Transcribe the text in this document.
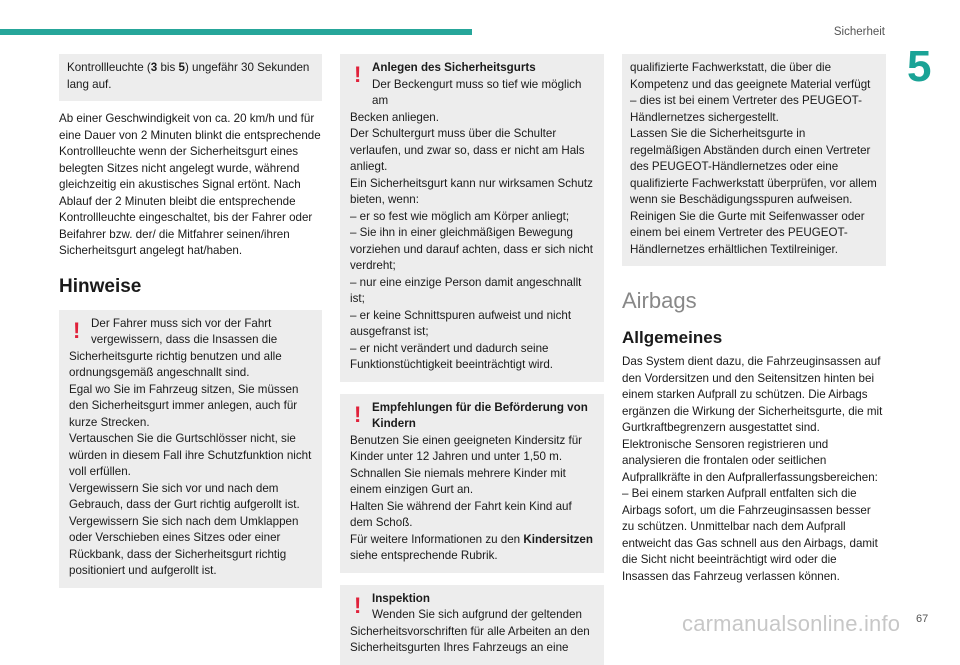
Sicherheit
5

Kontrollleuchte (3 bis 5) ungefähr 30 Sekunden lang auf.

Ab einer Geschwindigkeit von ca. 20 km/h und für eine Dauer von 2 Minuten blinkt die entsprechende Kontrollleuchte wenn der Sicherheitsgurt eines belegten Sitzes nicht angelegt wurde, während gleichzeitig ein akustisches Signal ertönt. Nach Ablauf der 2 Minuten bleibt die entsprechende Kontrollleuchte eingeschaltet, bis der Fahrer oder Beifahrer bzw. der/ die Mitfahrer seinen/ihren Sicherheitsgurt angelegt hat/haben.

Hinweise
! Der Fahrer muss sich vor der Fahrt vergewissern, dass die Insassen die

Sicherheitsgurte richtig benutzen und alle ordnungsgemäß angeschnallt sind.

Egal wo Sie im Fahrzeug sitzen, Sie müssen den Sicherheitsgurt immer anlegen, auch für kurze Strecken.

Vertauschen Sie die Gurtschlösser nicht, sie würden in diesem Fall ihre Schutzfunktion nicht voll erfüllen.

Vergewissern Sie sich vor und nach dem Gebrauch, dass der Gurt richtig aufgerollt ist.

Vergewissern Sie sich nach dem Umklappen oder Verschieben eines Sitzes oder einer Rückbank, dass der Sicherheitsgurt richtig positioniert und aufgerollt ist.

! Anlegen des Sicherheitsgurts
Der Beckengurt muss so tief wie möglich am

Becken anliegen.

Der Schultergurt muss über die Schulter verlaufen, und zwar so, dass er nicht am Hals anliegt.

Ein Sicherheitsgurt kann nur wirksamen Schutz bieten, wenn:

– er so fest wie möglich am Körper anliegt;

– Sie ihn in einer gleichmäßigen Bewegung vorziehen und darauf achten, dass er sich nicht verdreht;

– nur eine einzige Person damit angeschnallt ist;

– er keine Schnittspuren aufweist und nicht ausgefranst ist;

– er nicht verändert und dadurch seine Funktionstüchtigkeit beeinträchtigt wird.

! Empfehlungen für die Beförderung von Kindern

Benutzen Sie einen geeigneten Kindersitz für Kinder unter 12 Jahren und unter 1,50 m.

Schnallen Sie niemals mehrere Kinder mit einem einzigen Gurt an.

Halten Sie während der Fahrt kein Kind auf dem Schoß.

Für weitere Informationen zu den Kindersitzen siehe entsprechende Rubrik.

! Inspektion
Wenden Sie sich aufgrund der geltenden

Sicherheitsvorschriften für alle Arbeiten an den Sicherheitsgurten Ihres Fahrzeugs an eine

qualifizierte Fachwerkstatt, die über die Kompetenz und das geeignete Material verfügt – dies ist bei einem Vertreter des PEUGEOT-Händlernetzes sichergestellt.

Lassen Sie die Sicherheitsgurte in regelmäßigen Abständen durch einen Vertreter des PEUGEOT-Händlernetzes oder eine qualifizierte Fachwerkstatt überprüfen, vor allem wenn sie Beschädigungsspuren aufweisen.

Reinigen Sie die Gurte mit Seifenwasser oder einem bei einem Vertreter des PEUGEOT-Händlernetzes erhältlichen Textilreiniger.

Airbags
Allgemeines

Das System dient dazu, die Fahrzeuginsassen auf den Vordersitzen und den Seitensitzen hinten bei einem starken Aufprall zu schützen. Die Airbags ergänzen die Wirkung der Sicherheitsgurte, die mit Gurtkraftbegrenzern ausgestattet sind.

Elektronische Sensoren registrieren und analysieren die frontalen oder seitlichen Aufprallkräfte in den Aufprallerfassungsbereichen:

– Bei einem starken Aufprall entfalten sich die Airbags sofort, um die Fahrzeuginsassen besser zu schützen. Unmittelbar nach dem Aufprall entweicht das Gas schnell aus den Airbags, damit die Sicht nicht beeinträchtigt wird oder die Insassen das Fahrzeug verlassen können.

carmanualsonline.info 67
